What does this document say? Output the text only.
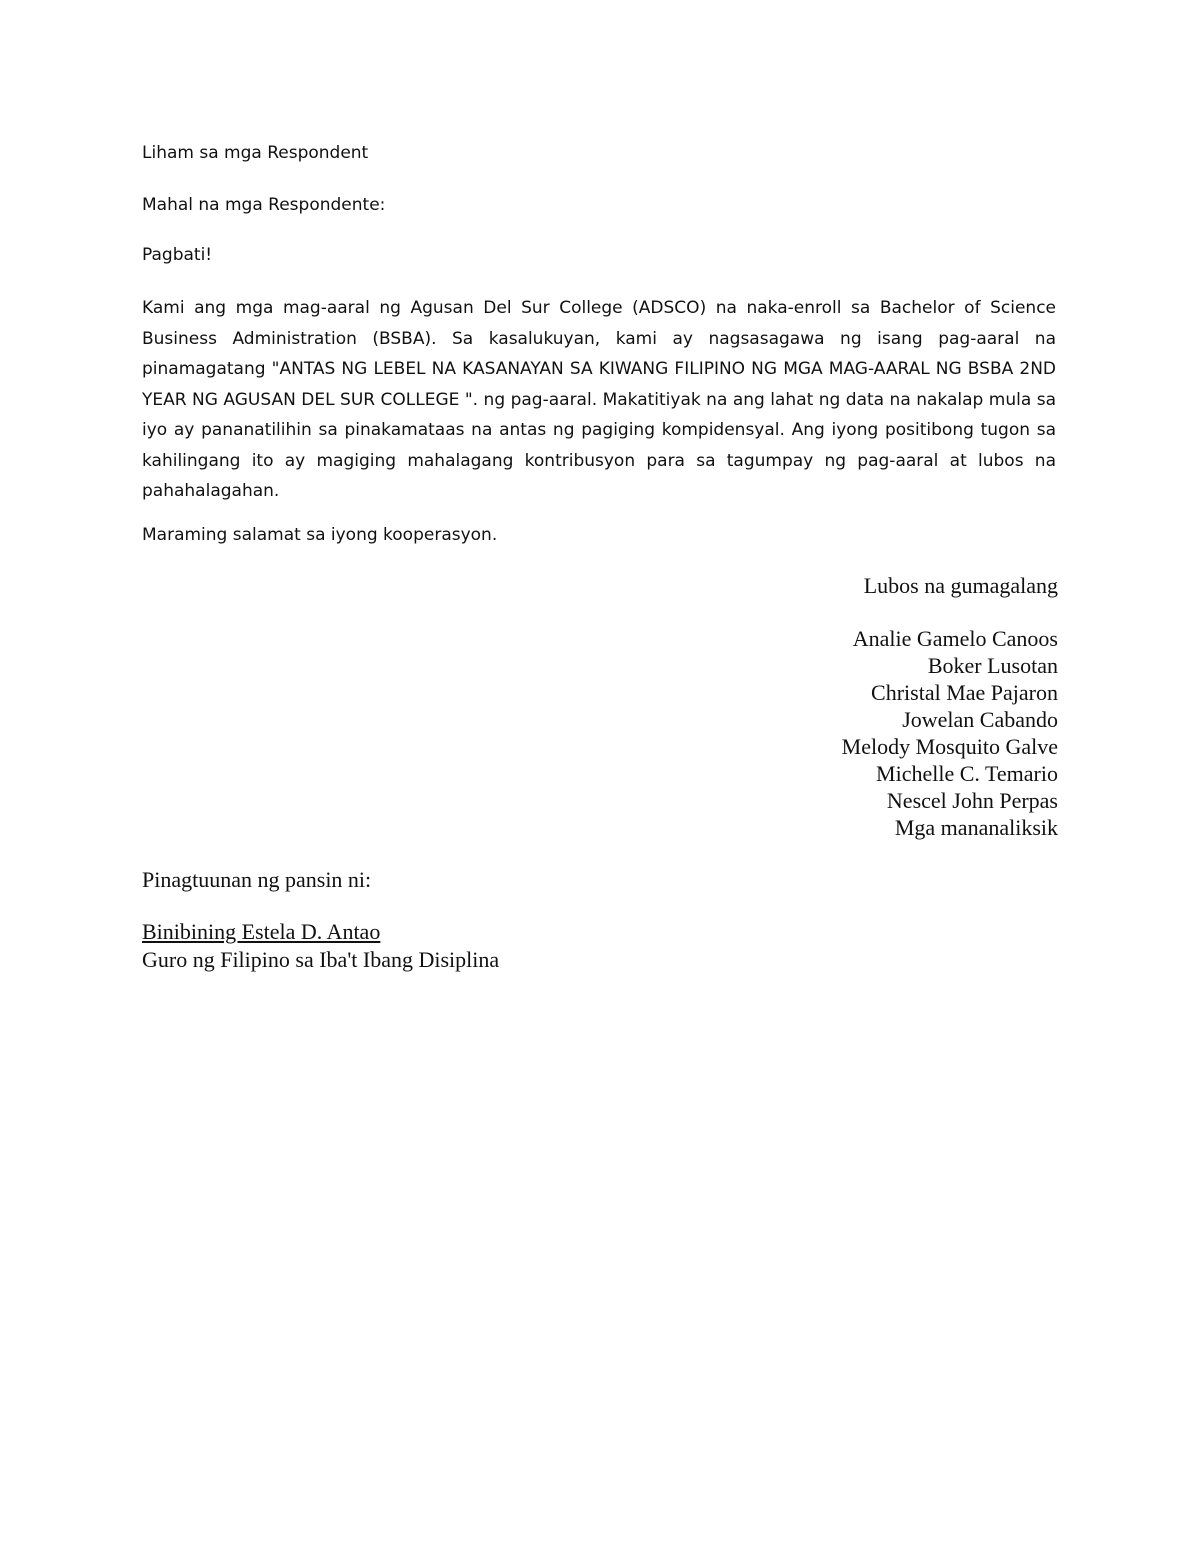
Liham sa mga Respondent
Mahal na mga Respondente:
Pagbati!
Kami ang mga mag-aaral ng Agusan Del Sur College (ADSCO) na naka-enroll sa Bachelor of Science Business Administration (BSBA). Sa kasalukuyan, kami ay nagsasagawa ng isang pag-aaral na pinamagatang "ANTAS NG LEBEL NA KASANAYAN SA KIWANG FILIPINO NG MGA MAG-AARAL NG BSBA 2ND YEAR NG AGUSAN DEL SUR COLLEGE ". ng pag-aaral. Makatitiyak na ang lahat ng data na nakalap mula sa iyo ay pananatilihin sa pinakamataas na antas ng pagiging kompidensyal. Ang iyong positibong tugon sa kahilingang ito ay magiging mahalagang kontribusyon para sa tagumpay ng pag-aaral at lubos na pahahalagahan.
Maraming salamat sa iyong kooperasyon.
Lubos na gumagalang
Analie Gamelo Canoos
Boker Lusotan
Christal Mae Pajaron
Jowelan Cabando
Melody Mosquito Galve
Michelle C. Temario
Nescel John Perpas
Mga mananaliksik
Pinagtuunan ng pansin ni:
Binibining Estela D. Antao
Guro ng Filipino sa Iba't Ibang Disiplina
